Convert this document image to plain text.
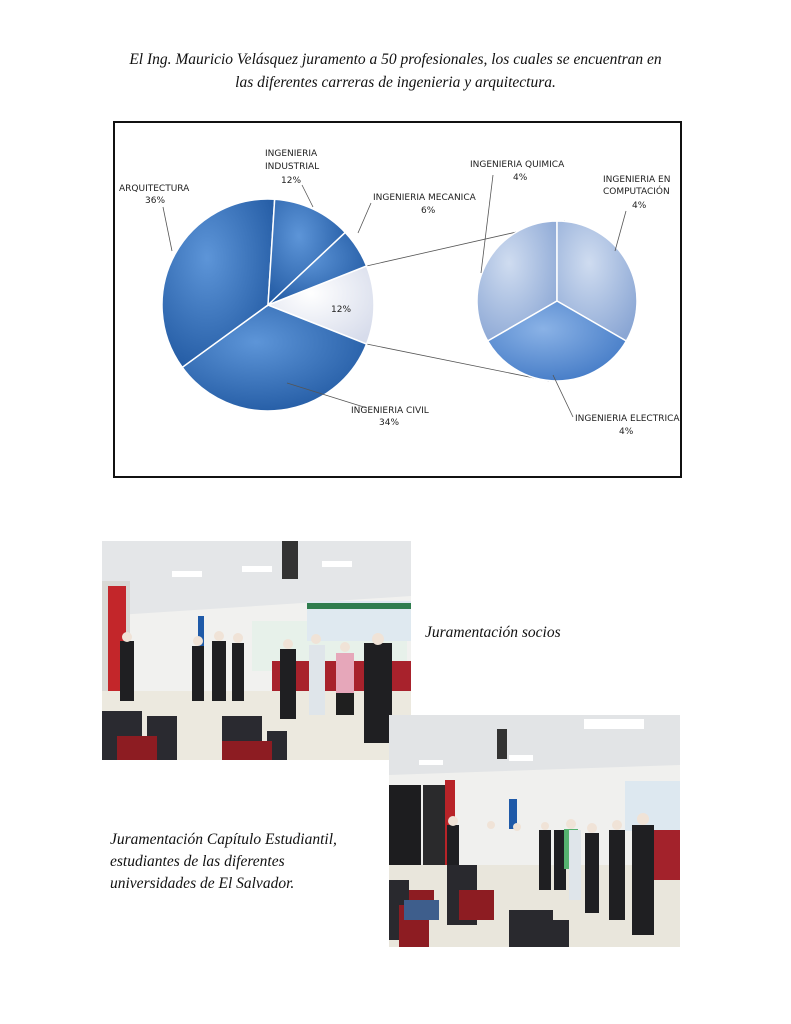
El Ing. Mauricio Velásquez juramento a 50 profesionales, los cuales se encuentran en
las diferentes carreras de ingenieria y arquitectura.
ARQUITECTURA
36%
INGENIERIA
INDUSTRIAL
12%
INGENIERIA MECANICA
6%
12%
INGENIERIA CIVIL
34%
INGENIERIA QUIMICA
4%	INGENIERIA EN
COMPUTACIÓN
4%
INGENIERIA ELECTRICA
4%
Juramentación socios
Juramentación Capítulo Estudiantil,
estudiantes de las diferentes
universidades de El Salvador.
